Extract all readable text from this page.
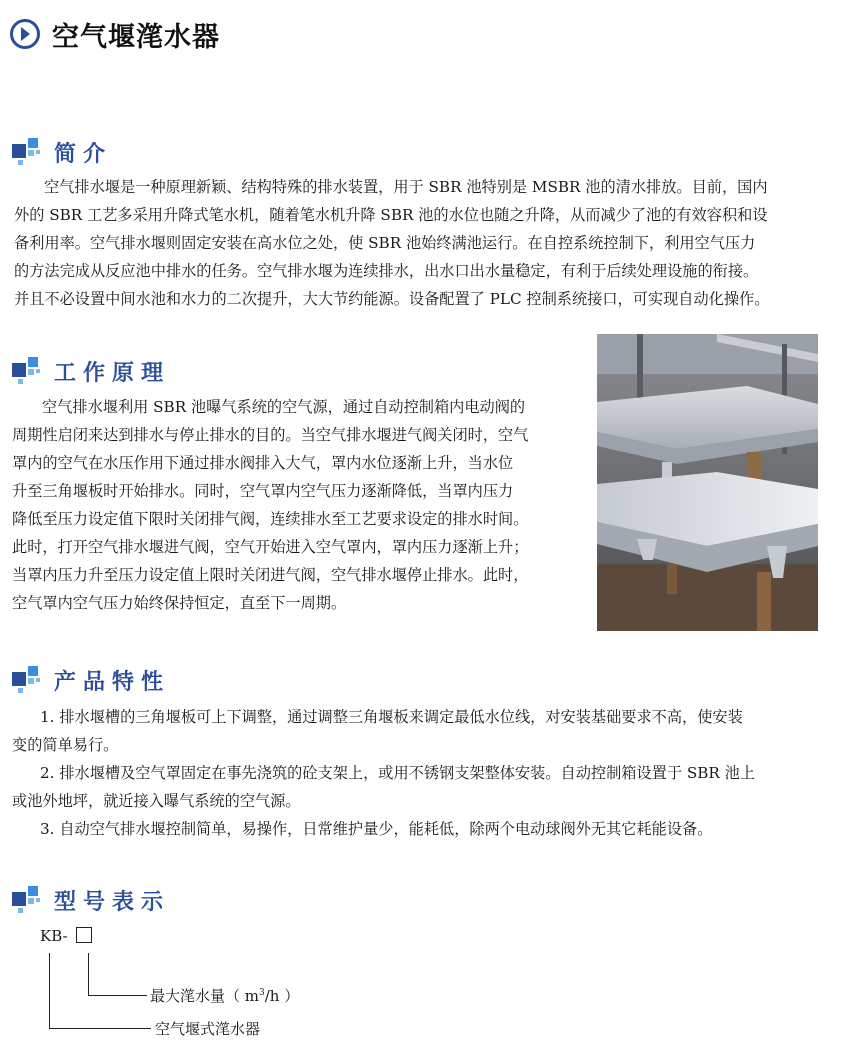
空气堰滗水器
简介
空气排水堰是一种原理新颖、结构特殊的排水装置，用于 SBR 池特别是 MSBR 池的清水排放。目前，国内
外的 SBR 工艺多采用升降式笔水机，随着笔水机升降 SBR 池的水位也随之升降，从而减少了池的有效容积和设
备利用率。空气排水堰则固定安装在高水位之处，使 SBR 池始终满池运行。在自控系统控制下，利用空气压力
的方法完成从反应池中排水的任务。空气排水堰为连续排水，出水口出水量稳定，有利于后续处理设施的衔接。
并且不必设置中间水池和水力的二次提升，大大节约能源。设备配置了 PLC 控制系统接口，可实现自动化操作。
工作原理
空气排水堰利用 SBR 池曝气系统的空气源，通过自动控制箱内电动阀的
周期性启闭来达到排水与停止排水的目的。当空气排水堰进气阀关闭时，空气
罩内的空气在水压作用下通过排水阀排入大气，罩内水位逐渐上升，当水位
升至三角堰板时开始排水。同时，空气罩内空气压力逐渐降低，当罩内压力
降低至压力设定值下限时关闭排气阀，连续排水至工艺要求设定的排水时间。
此时，打开空气排水堰进气阀，空气开始进入空气罩内，罩内压力逐渐上升；
当罩内压力升至压力设定值上限时关闭进气阀，空气排水堰停止排水。此时，
空气罩内空气压力始终保持恒定，直至下一周期。
产品特性
1. 排水堰槽的三角堰板可上下调整，通过调整三角堰板来调定最低水位线，对安装基础要求不高，使安装
变的简单易行。
2. 排水堰槽及空气罩固定在事先浇筑的砼支架上，或用不锈钢支架整体安装。自动控制箱设置于 SBR 池上
或池外地坪，就近接入曝气系统的空气源。
3. 自动空气排水堰控制简单，易操作，日常维护量少，能耗低，除两个电动球阀外无其它耗能设备。
型号表示
KB-
最大滗水量（ $m^3/h$ ）
空气堰式滗水器
